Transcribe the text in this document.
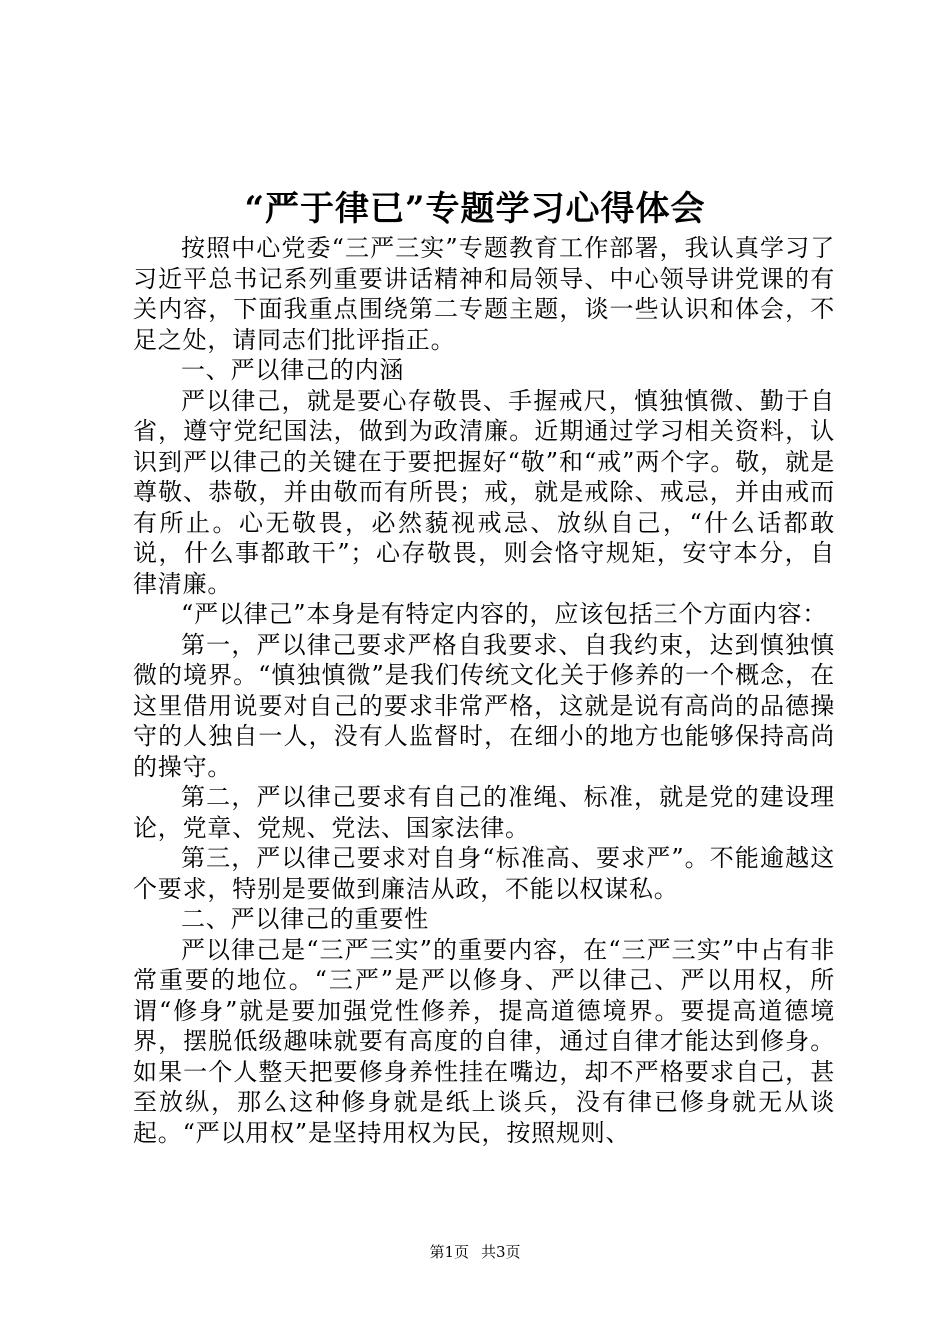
“严于律已”专题学习心得体会

按照中心党委“三严三实”专题教育工作部署，我认真学习了习近平总书记系列重要讲话精神和局领导、中心领导讲党课的有关内容，下面我重点围绕第二专题主题，谈一些认识和体会，不足之处，请同志们批评指正。

一、严以律己的内涵

严以律己，就是要心存敬畏、手握戒尺，慎独慎微、勤于自省，遵守党纪国法，做到为政清廉。近期通过学习相关资料，认识到严以律己的关键在于要把握好“敬”和“戒”两个字。敬，就是尊敬、恭敬，并由敬而有所畏；戒，就是戒除、戒忌，并由戒而有所止。心无敬畏，必然藐视戒忌、放纵自己，“什么话都敢说，什么事都敢干”；心存敬畏，则会恪守规矩，安守本分，自律清廉。

“严以律己”本身是有特定内容的，应该包括三个方面内容：

第一，严以律己要求严格自我要求、自我约束，达到慎独慎微的境界。“慎独慎微”是我们传统文化关于修养的一个概念，在这里借用说要对自己的要求非常严格，这就是说有高尚的品德操守的人独自一人，没有人监督时，在细小的地方也能够保持高尚的操守。

第二，严以律己要求有自己的准绳、标准，就是党的建设理论，党章、党规、党法、国家法律。

第三，严以律己要求对自身“标准高、要求严”。不能逾越这个要求，特别是要做到廉洁从政，不能以权谋私。

二、严以律己的重要性

严以律己是“三严三实”的重要内容，在“三严三实”中占有非常重要的地位。“三严”是严以修身、严以律己、严以用权，所谓“修身”就是要加强党性修养，提高道德境界。要提高道德境界，摆脱低级趣味就要有高度的自律，通过自律才能达到修身。如果一个人整天把要修身养性挂在嘴边，却不严格要求自己，甚至放纵，那么这种修身就是纸上谈兵，没有律已修身就无从谈起。“严以用权”是坚持用权为民，按照规则、

第1页 共3页
